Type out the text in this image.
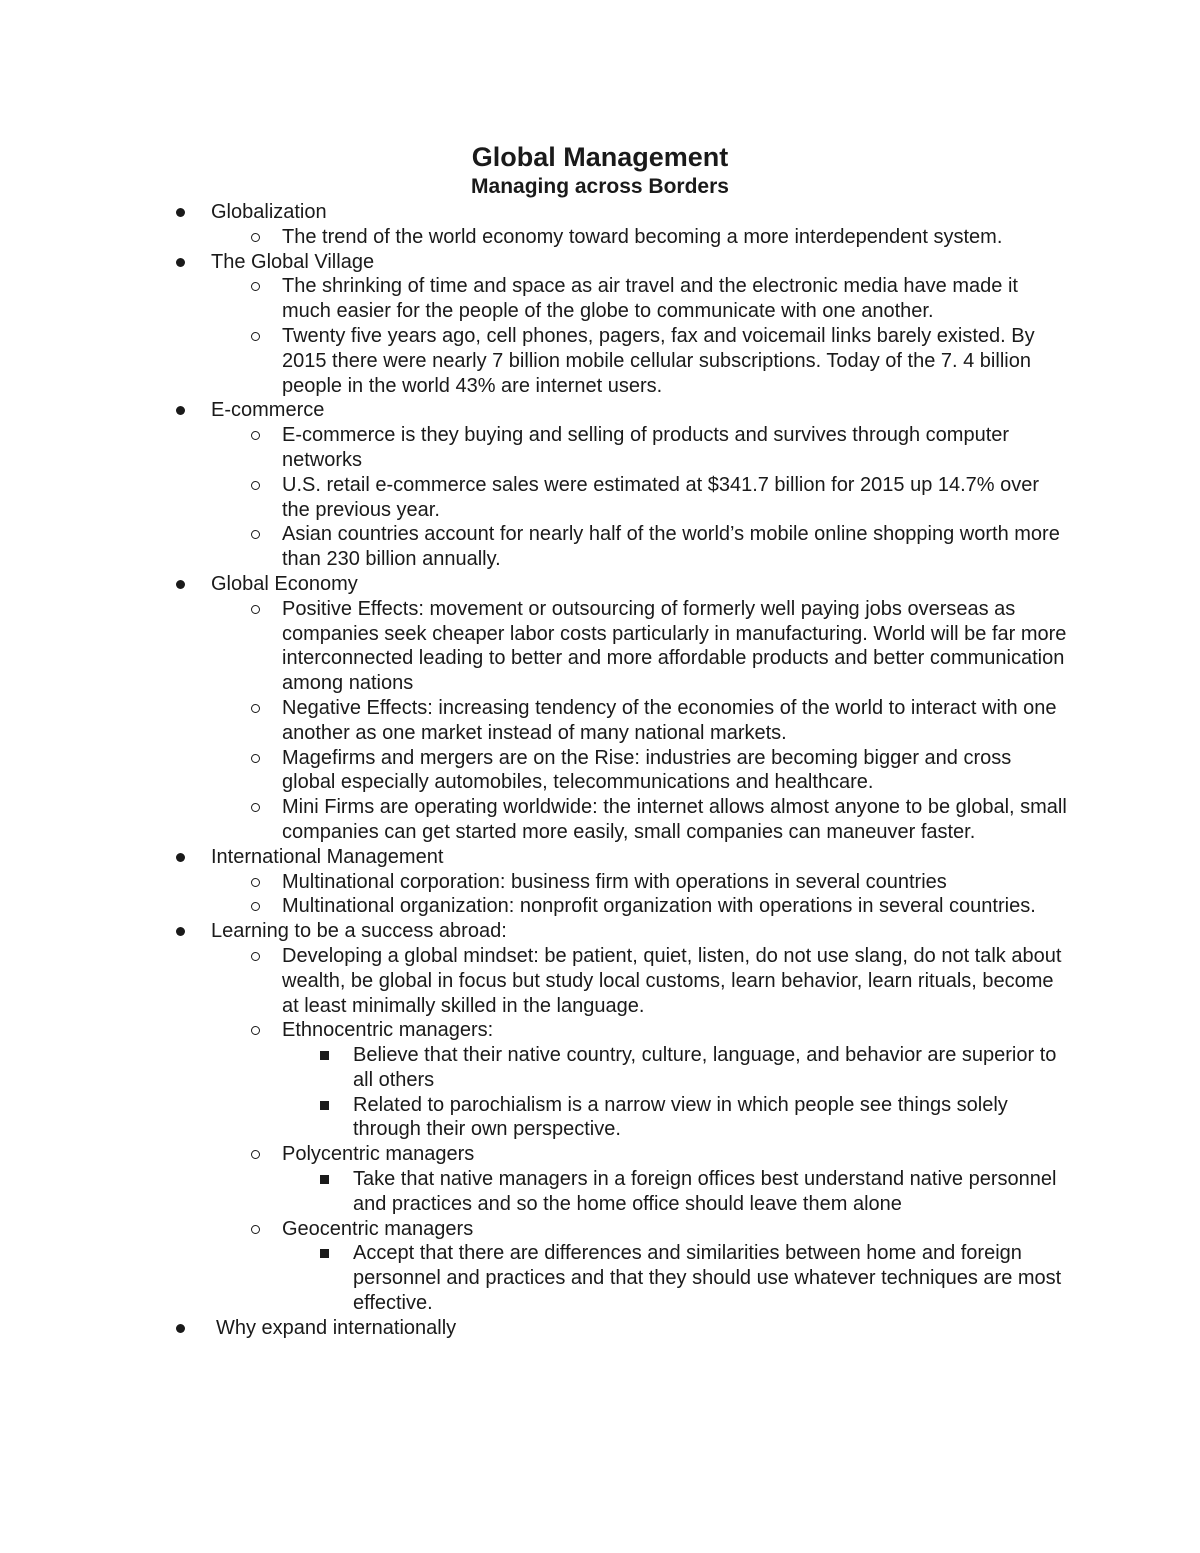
Global Management
Managing across Borders
Globalization
The trend of the world economy toward becoming a more interdependent system.
The Global Village
The shrinking of time and space as air travel and the electronic media have made it much easier for the people of the globe to communicate with one another.
Twenty five years ago, cell phones, pagers, fax and voicemail links barely existed. By 2015 there were nearly 7 billion mobile cellular subscriptions. Today of the 7. 4 billion people in the world 43% are internet users.
E-commerce
E-commerce is they buying and selling of products and survives through computer networks
U.S. retail e-commerce sales were estimated at $341.7 billion for 2015 up 14.7% over the previous year.
Asian countries account for nearly half of the world’s mobile online shopping worth more than 230 billion annually.
Global Economy
Positive Effects: movement or outsourcing of formerly well paying jobs overseas as companies seek cheaper labor costs particularly in manufacturing. World will be far more interconnected leading to better and more affordable products and better communication among nations
Negative Effects: increasing tendency of the economies of the world to interact with one another as one market instead of many national markets.
Magefirms and mergers are on the Rise: industries are becoming bigger and cross global especially automobiles, telecommunications and healthcare.
Mini Firms are operating worldwide: the internet allows almost anyone to be global, small companies can get started more easily, small companies can maneuver faster.
International Management
Multinational corporation: business firm with operations in several countries
Multinational organization: nonprofit organization with operations in several countries.
Learning to be a success abroad:
Developing a global mindset: be patient, quiet, listen, do not use slang, do not talk about wealth, be global in focus but study local customs, learn behavior, learn rituals, become at least minimally skilled in the language.
Ethnocentric managers:
Believe that their native country, culture, language, and behavior are superior to all others
Related to parochialism is a narrow view in which people see things solely through their own perspective.
Polycentric managers
Take that native managers in a foreign offices best understand native personnel and practices and so the home office should leave them alone
Geocentric managers
Accept that there are differences and similarities between home and foreign personnel and practices and that they should use whatever techniques are most effective.
Why expand internationally
